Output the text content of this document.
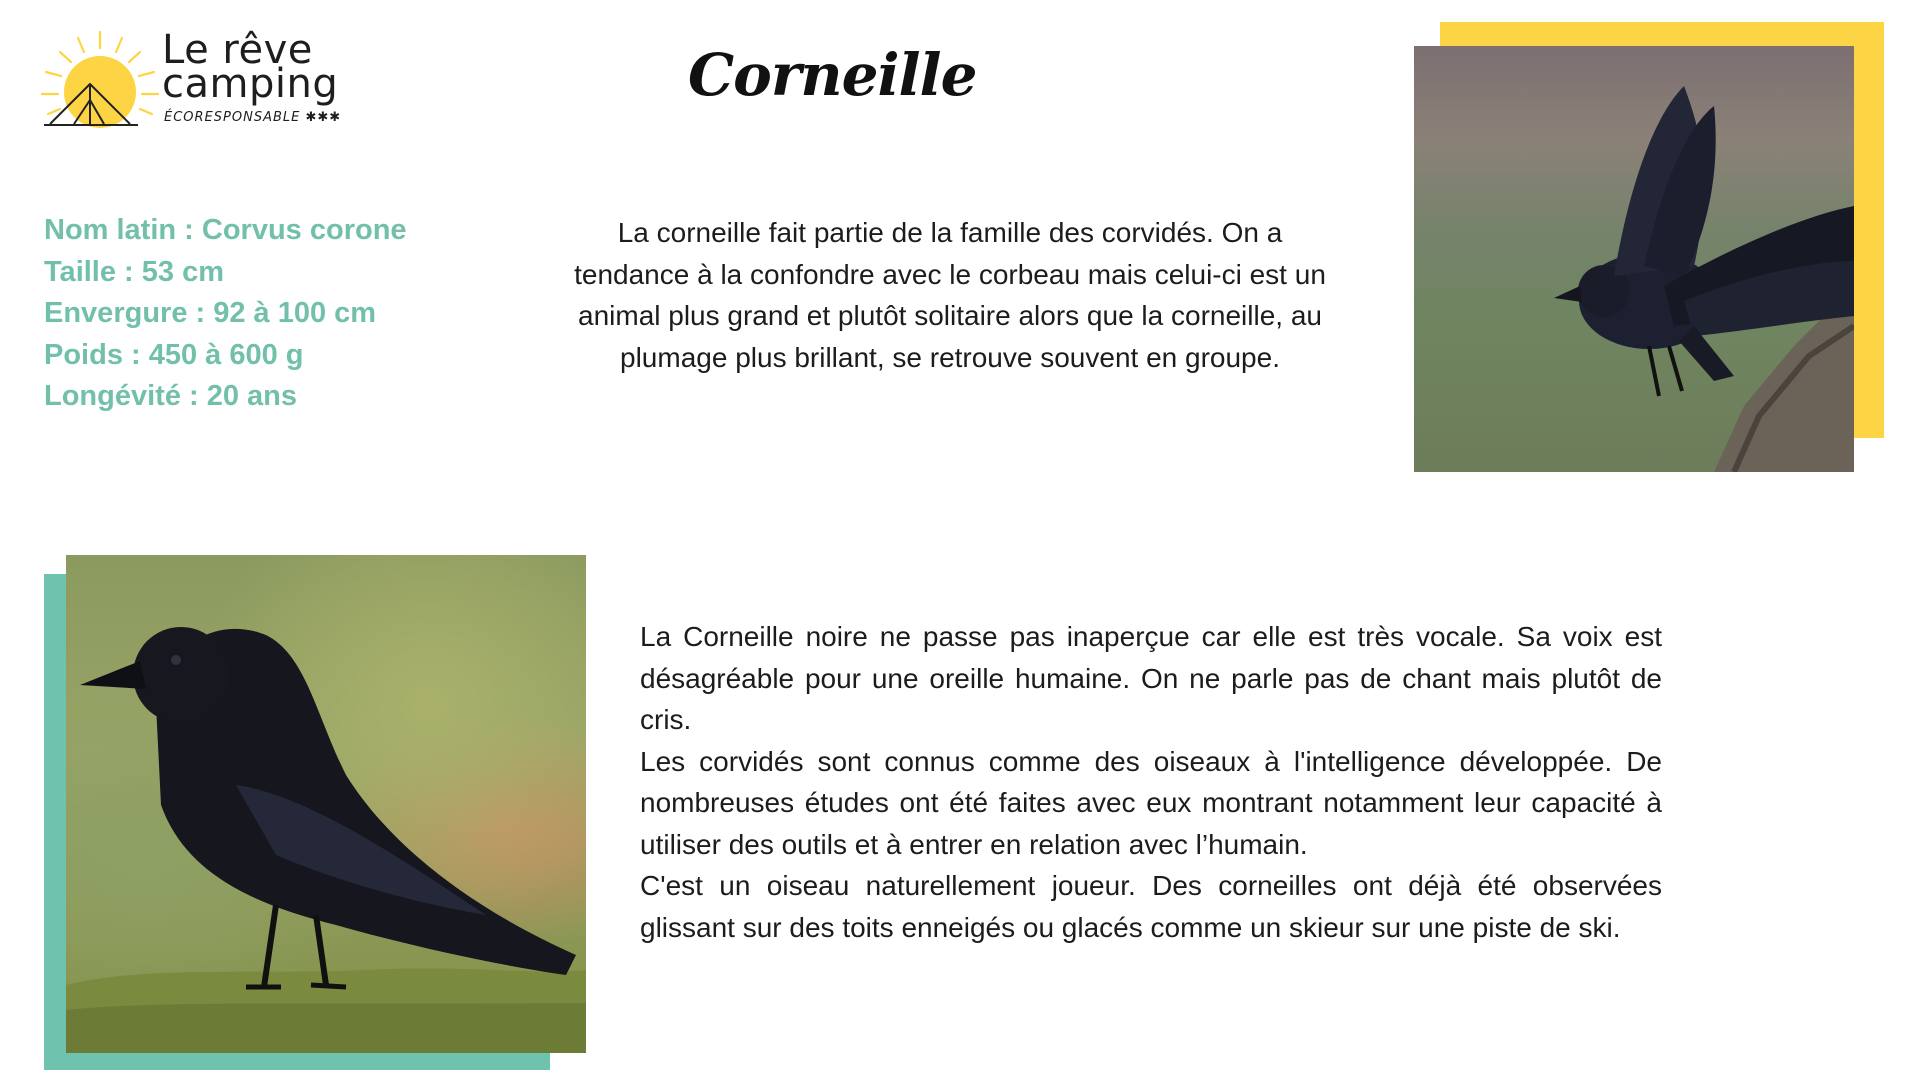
Le rêve
camping
ÉCORESPONSABLE ✱✱✱
Corneille
Nom latin : Corvus corone
Taille : 53 cm
Envergure : 92 à 100 cm
Poids : 450 à 600 g
Longévité : 20 ans

La corneille fait partie de la famille des corvidés. On a tendance à la confondre avec le corbeau mais celui-ci est un animal plus grand et plutôt solitaire alors que la corneille, au plumage plus brillant, se retrouve souvent en groupe.

La Corneille noire ne passe pas inaperçue car elle est très vocale. Sa voix est désagréable pour une oreille humaine. On ne parle pas de chant mais plutôt de cris.

Les corvidés sont connus comme des oiseaux à l'intelligence développée. De nombreuses études ont été faites avec eux montrant notamment leur capacité à utiliser des outils et à entrer en relation avec l’humain.

C'est un oiseau naturellement joueur. Des corneilles ont déjà été observées glissant sur des toits enneigés ou glacés comme un skieur sur une piste de ski.
